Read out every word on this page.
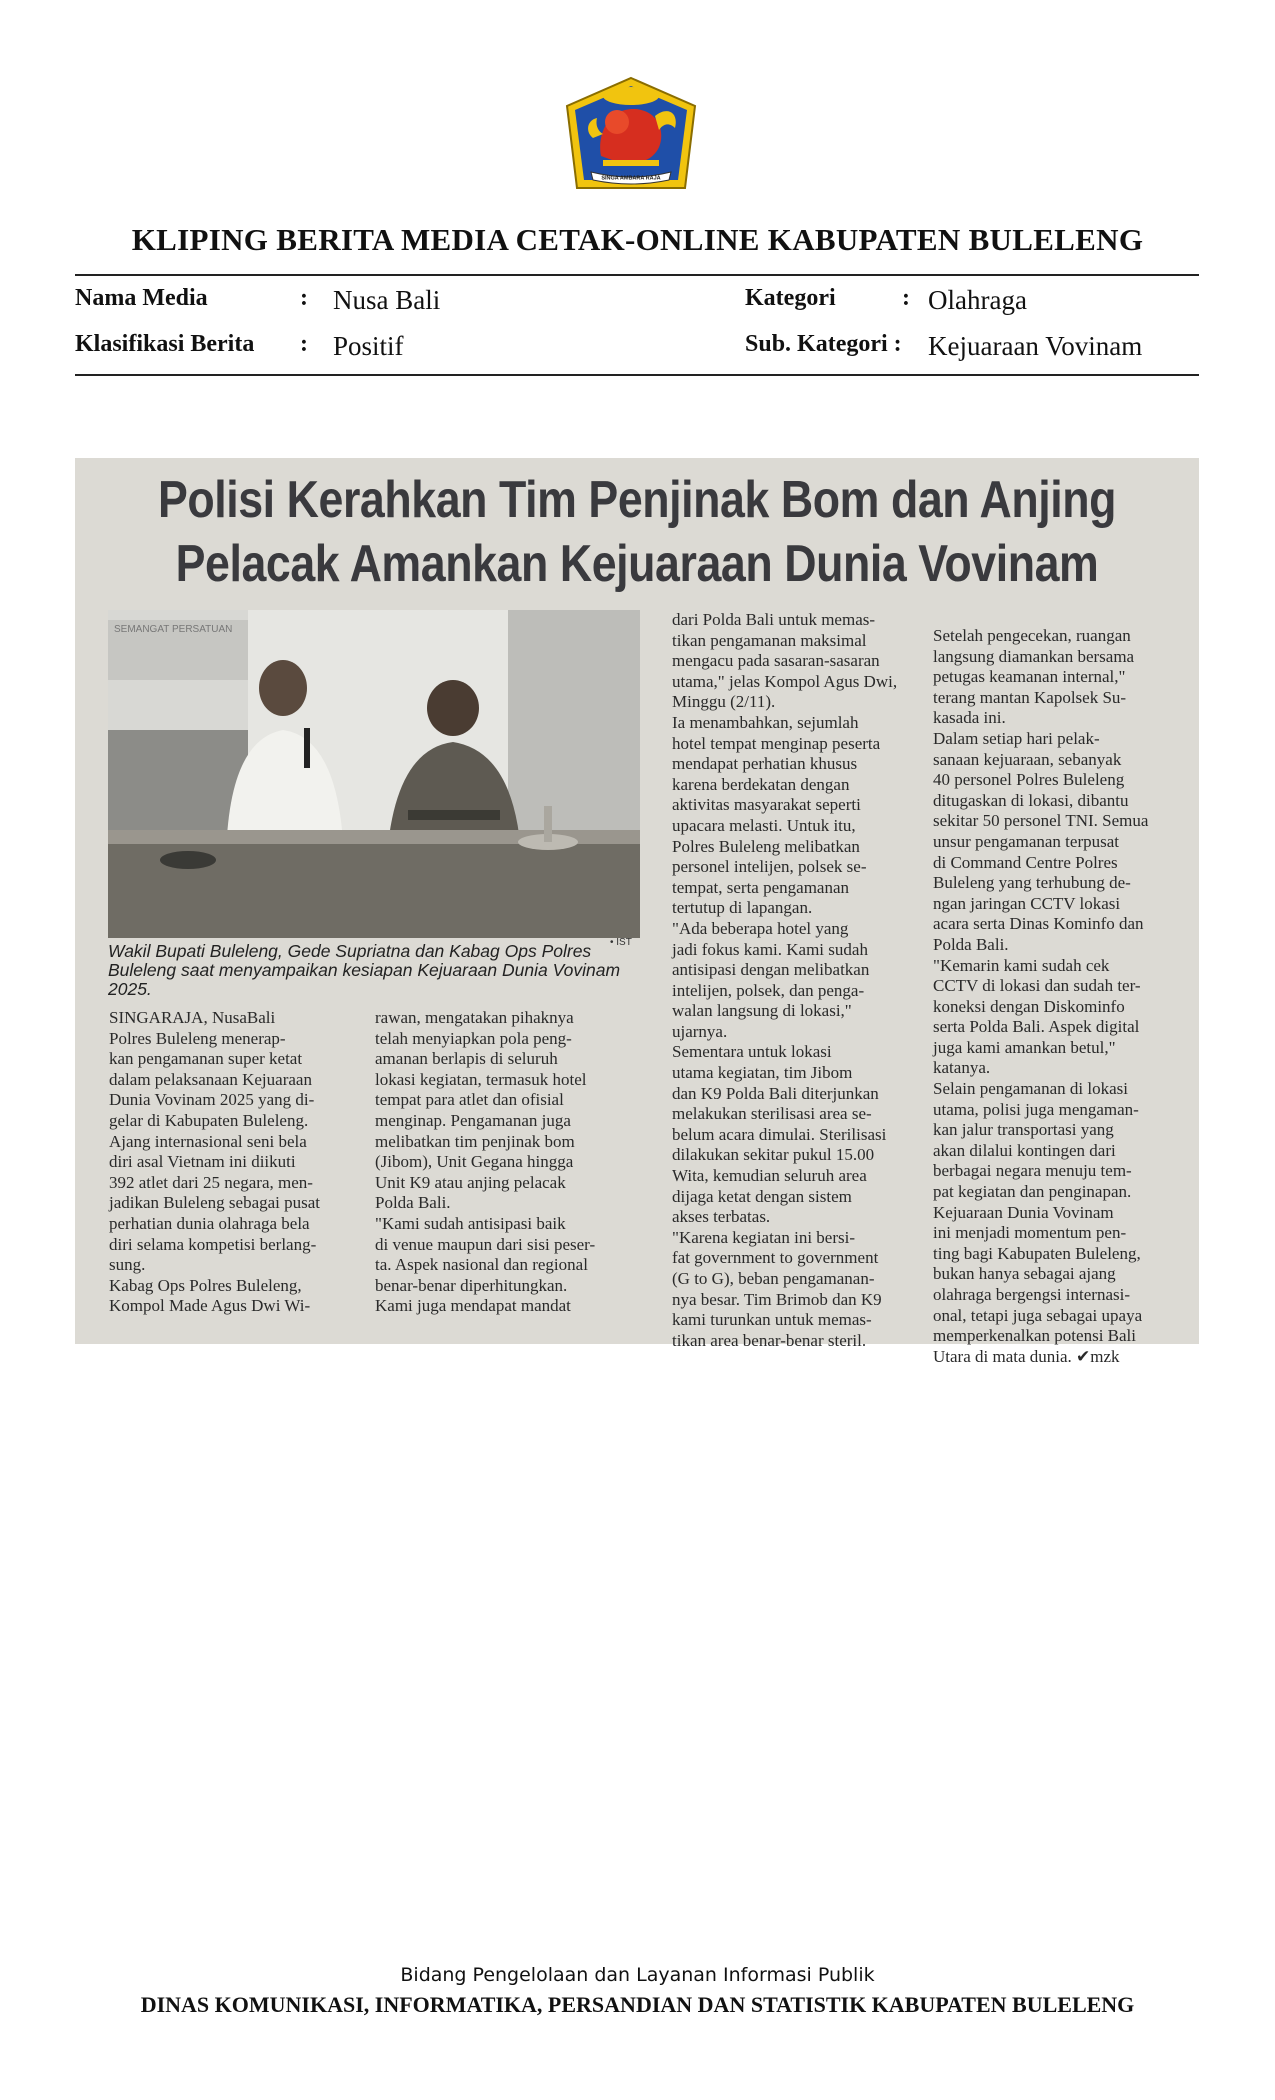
SINGA AMBARA RAJA
KLIPING BERITA MEDIA CETAK-ONLINE KABUPATEN BULELENG
Nama Media	: Nusa Bali	Kategori	: Olahraga
Klasifikasi Berita : Positif	Sub. Kategori : Kejuaraan Vovinam
Polisi Kerahkan Tim Penjinak Bom dan Anjing
Pelacak Amankan Kejuaraan Dunia Vovinam
SEMANGAT PERSATUAN
• IST
Wakil Bupati Buleleng, Gede Supriatna dan Kabag Ops Polres Buleleng saat menyampaikan kesiapan Kejuaraan Dunia Vovinam 2025.
SINGARAJA, NusaBali
Polres Buleleng menerap-
kan pengamanan super ketat
dalam pelaksanaan Kejuaraan
Dunia Vovinam 2025 yang di-
gelar di Kabupaten Buleleng.
Ajang internasional seni bela
diri asal Vietnam ini diikuti
392 atlet dari 25 negara, men-
jadikan Buleleng sebagai pusat
perhatian dunia olahraga bela
diri selama kompetisi berlang-
sung.
Kabag Ops Polres Buleleng,
Kompol Made Agus Dwi Wi-
rawan, mengatakan pihaknya
telah menyiapkan pola peng-
amanan berlapis di seluruh
lokasi kegiatan, termasuk hotel
tempat para atlet dan ofisial
menginap. Pengamanan juga
melibatkan tim penjinak bom
(Jibom), Unit Gegana hingga
Unit K9 atau anjing pelacak
Polda Bali.
"Kami sudah antisipasi baik
di venue maupun dari sisi peser-
ta. Aspek nasional dan regional
benar-benar diperhitungkan.
Kami juga mendapat mandat
dari Polda Bali untuk memas-
tikan pengamanan maksimal
mengacu pada sasaran-sasaran
utama," jelas Kompol Agus Dwi,
Minggu (2/11).
Ia menambahkan, sejumlah
hotel tempat menginap peserta
mendapat perhatian khusus
karena berdekatan dengan
aktivitas masyarakat seperti
upacara melasti. Untuk itu,
Polres Buleleng melibatkan
personel intelijen, polsek se-
tempat, serta pengamanan
tertutup di lapangan.
"Ada beberapa hotel yang
jadi fokus kami. Kami sudah
antisipasi dengan melibatkan
intelijen, polsek, dan penga-
walan langsung di lokasi,"
ujarnya.
Sementara untuk lokasi
utama kegiatan, tim Jibom
dan K9 Polda Bali diterjunkan
melakukan sterilisasi area se-
belum acara dimulai. Sterilisasi
dilakukan sekitar pukul 15.00
Wita, kemudian seluruh area
dijaga ketat dengan sistem
akses terbatas.
"Karena kegiatan ini bersi-
fat government to government
(G to G), beban pengamanan-
nya besar. Tim Brimob dan K9
kami turunkan untuk memas-
tikan area benar-benar steril.
Setelah pengecekan, ruangan
langsung diamankan bersama
petugas keamanan internal,"
terang mantan Kapolsek Su-
kasada ini.
Dalam setiap hari pelak-
sanaan kejuaraan, sebanyak
40 personel Polres Buleleng
ditugaskan di lokasi, dibantu
sekitar 50 personel TNI. Semua
unsur pengamanan terpusat
di Command Centre Polres
Buleleng yang terhubung de-
ngan jaringan CCTV lokasi
acara serta Dinas Kominfo dan
Polda Bali.
"Kemarin kami sudah cek
CCTV di lokasi dan sudah ter-
koneksi dengan Diskominfo
serta Polda Bali. Aspek digital
juga kami amankan betul,"
katanya.
Selain pengamanan di lokasi
utama, polisi juga mengaman-
kan jalur transportasi yang
akan dilalui kontingen dari
berbagai negara menuju tem-
pat kegiatan dan penginapan.
Kejuaraan Dunia Vovinam
ini menjadi momentum pen-
ting bagi Kabupaten Buleleng,
bukan hanya sebagai ajang
olahraga bergengsi internasi-
onal, tetapi juga sebagai upaya
memperkenalkan potensi Bali
Utara di mata dunia. ✔mzk
Bidang Pengelolaan dan Layanan Informasi Publik
DINAS KOMUNIKASI, INFORMATIKA, PERSANDIAN DAN STATISTIK KABUPATEN BULELENG
